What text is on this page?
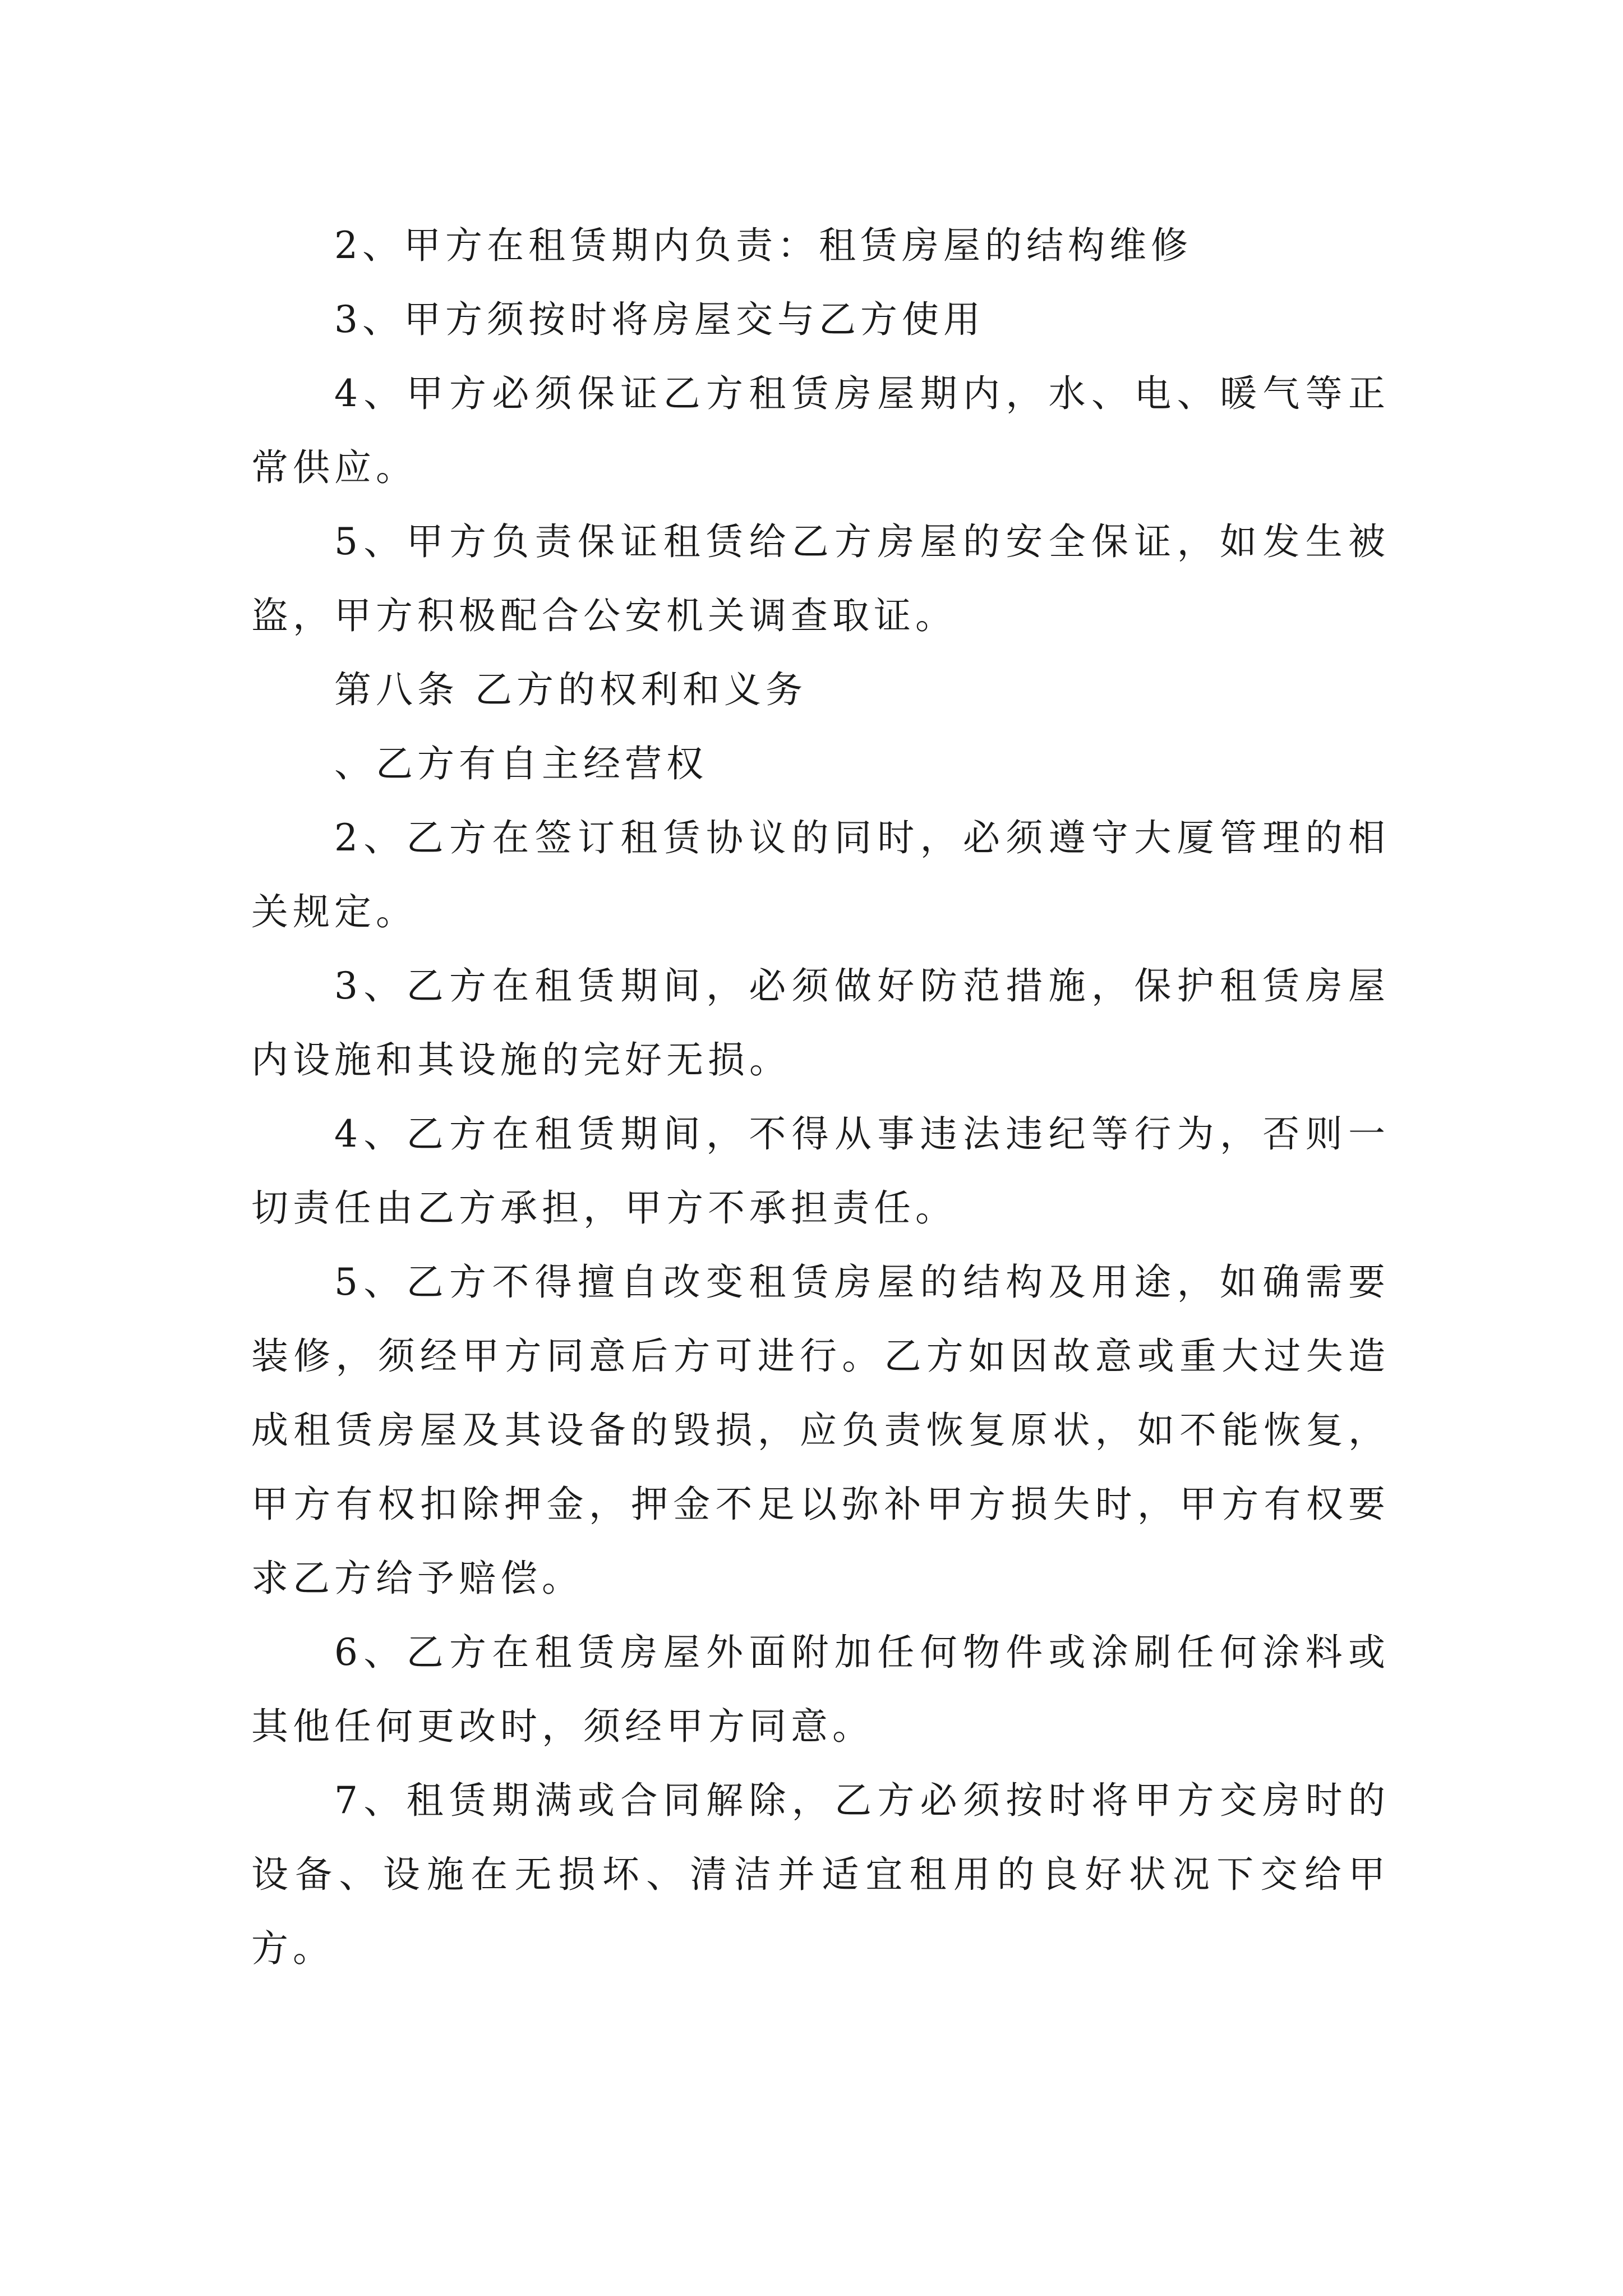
2、甲方在租赁期内负责：租赁房屋的结构维修

3、甲方须按时将房屋交与乙方使用

4、甲方必须保证乙方租赁房屋期内，水、电、暖气等正常供应。

5、甲方负责保证租赁给乙方房屋的安全保证，如发生被盗，甲方积极配合公安机关调查取证。

第八条 乙方的权利和义务

、乙方有自主经营权

2、乙方在签订租赁协议的同时，必须遵守大厦管理的相关规定。

3、乙方在租赁期间，必须做好防范措施，保护租赁房屋内设施和其设施的完好无损。

4、乙方在租赁期间，不得从事违法违纪等行为，否则一切责任由乙方承担，甲方不承担责任。

5、乙方不得擅自改变租赁房屋的结构及用途，如确需要装修，须经甲方同意后方可进行。乙方如因故意或重大过失造成租赁房屋及其设备的毁损，应负责恢复原状，如不能恢复，甲方有权扣除押金，押金不足以弥补甲方损失时，甲方有权要求乙方给予赔偿。

6、乙方在租赁房屋外面附加任何物件或涂刷任何涂料或其他任何更改时，须经甲方同意。

7、租赁期满或合同解除，乙方必须按时将甲方交房时的设备、设施在无损坏、清洁并适宜租用的良好状况下交给甲方。
